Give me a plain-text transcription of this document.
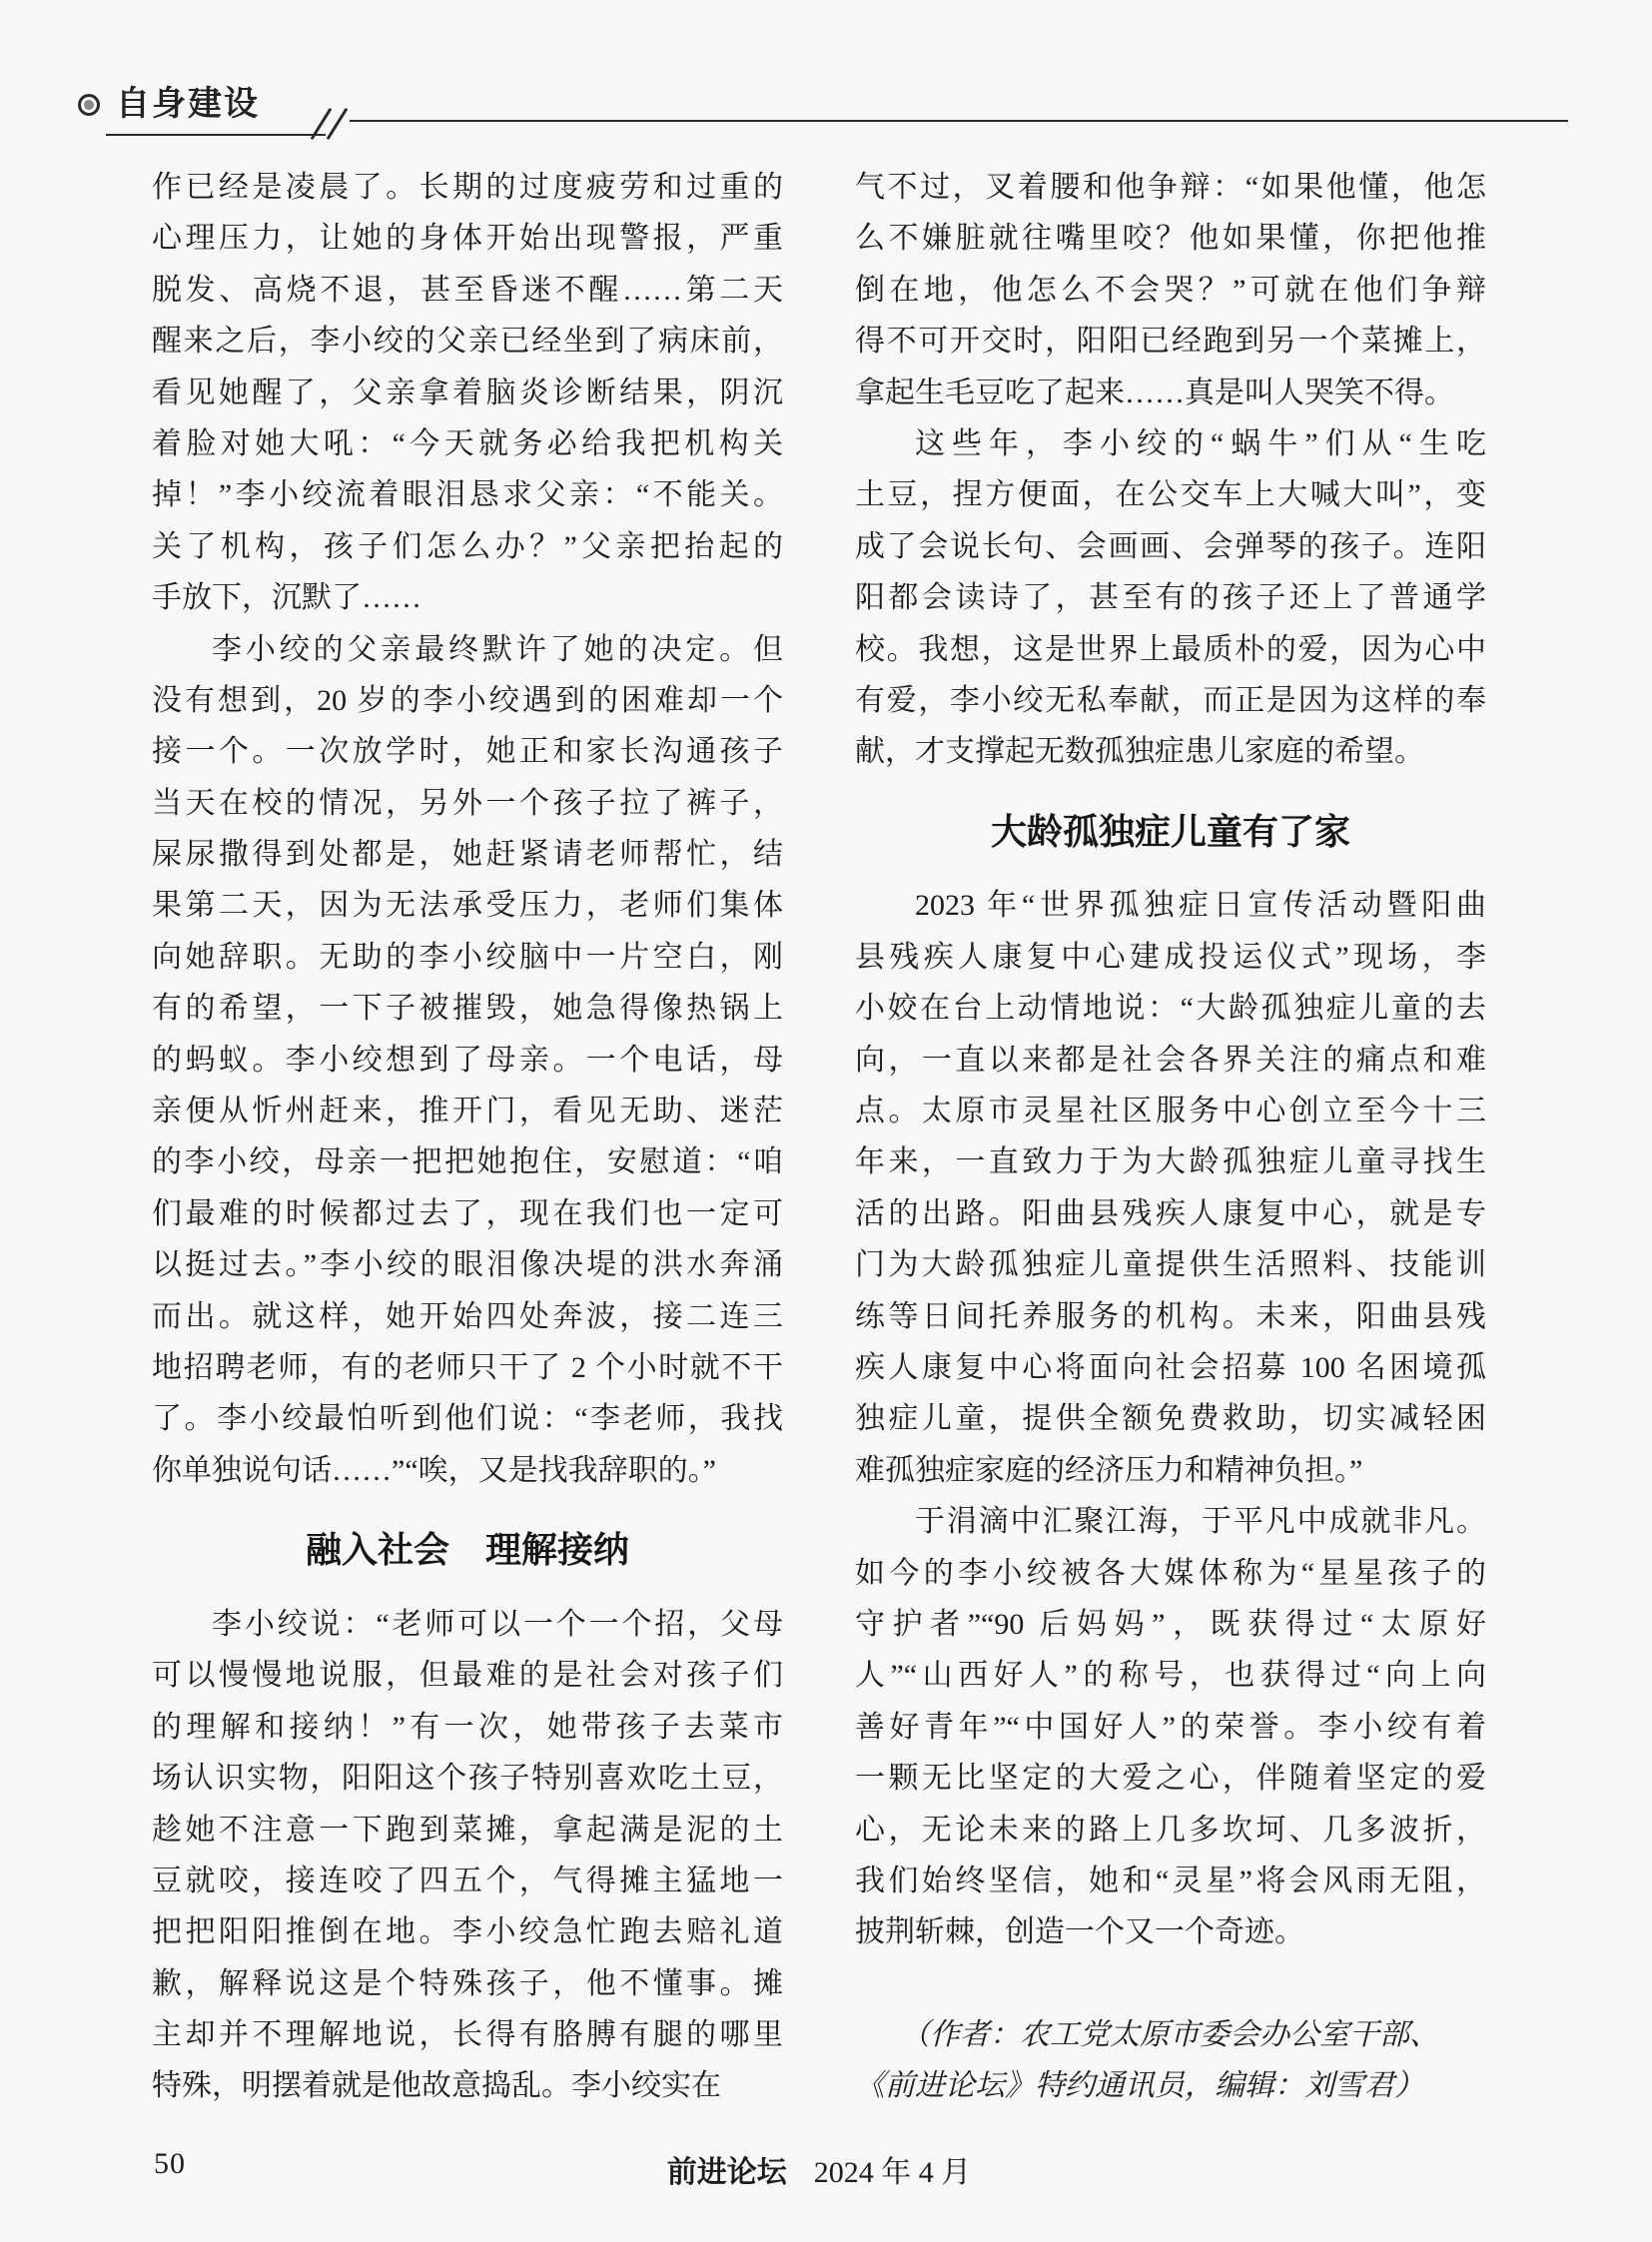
自身建设
作已经是凌晨了。长期的过度疲劳和过重的
心理压力，让她的身体开始出现警报，严重
脱发、高烧不退，甚至昏迷不醒……第二天
醒来之后，李小绞的父亲已经坐到了病床前，
看见她醒了，父亲拿着脑炎诊断结果，阴沉
着脸对她大吼：“今天就务必给我把机构关
掉！”李小绞流着眼泪恳求父亲：“不能关。
关了机构，孩子们怎么办？”父亲把抬起的
手放下，沉默了……
李小绞的父亲最终默许了她的决定。但
没有想到，20 岁的李小绞遇到的困难却一个
接一个。一次放学时，她正和家长沟通孩子
当天在校的情况，另外一个孩子拉了裤子，
屎尿撒得到处都是，她赶紧请老师帮忙，结
果第二天，因为无法承受压力，老师们集体
向她辞职。无助的李小绞脑中一片空白，刚
有的希望，一下子被摧毁，她急得像热锅上
的蚂蚁。李小绞想到了母亲。一个电话，母
亲便从忻州赶来，推开门，看见无助、迷茫
的李小绞，母亲一把把她抱住，安慰道：“咱
们最难的时候都过去了，现在我们也一定可
以挺过去。”李小绞的眼泪像决堤的洪水奔涌
而出。就这样，她开始四处奔波，接二连三
地招聘老师，有的老师只干了 2 个小时就不干
了。李小绞最怕听到他们说：“李老师，我找
你单独说句话……”“唉，又是找我辞职的。”
融入社会　理解接纳
李小绞说：“老师可以一个一个招，父母
可以慢慢地说服，但最难的是社会对孩子们
的理解和接纳！”有一次，她带孩子去菜市
场认识实物，阳阳这个孩子特别喜欢吃土豆，
趁她不注意一下跑到菜摊，拿起满是泥的土
豆就咬，接连咬了四五个，气得摊主猛地一
把把阳阳推倒在地。李小绞急忙跑去赔礼道
歉，解释说这是个特殊孩子，他不懂事。摊
主却并不理解地说，长得有胳膊有腿的哪里
特殊，明摆着就是他故意捣乱。李小绞实在
气不过，叉着腰和他争辩：“如果他懂，他怎
么不嫌脏就往嘴里咬？他如果懂，你把他推
倒在地，他怎么不会哭？”可就在他们争辩
得不可开交时，阳阳已经跑到另一个菜摊上，
拿起生毛豆吃了起来……真是叫人哭笑不得。
这些年，李小绞的“蜗牛”们从“生吃
土豆，捏方便面，在公交车上大喊大叫”，变
成了会说长句、会画画、会弹琴的孩子。连阳
阳都会读诗了，甚至有的孩子还上了普通学
校。我想，这是世界上最质朴的爱，因为心中
有爱，李小绞无私奉献，而正是因为这样的奉
献，才支撑起无数孤独症患儿家庭的希望。
大龄孤独症儿童有了家
2023 年“世界孤独症日宣传活动暨阳曲
县残疾人康复中心建成投运仪式”现场，李
小姣在台上动情地说：“大龄孤独症儿童的去
向，一直以来都是社会各界关注的痛点和难
点。太原市灵星社区服务中心创立至今十三
年来，一直致力于为大龄孤独症儿童寻找生
活的出路。阳曲县残疾人康复中心，就是专
门为大龄孤独症儿童提供生活照料、技能训
练等日间托养服务的机构。未来，阳曲县残
疾人康复中心将面向社会招募 100 名困境孤
独症儿童，提供全额免费救助，切实减轻困
难孤独症家庭的经济压力和精神负担。”
于涓滴中汇聚江海，于平凡中成就非凡。
如今的李小绞被各大媒体称为“星星孩子的
守护者”“90 后妈妈”，既获得过“太原好
人”“山西好人”的称号，也获得过“向上向
善好青年”“中国好人”的荣誉。李小绞有着
一颗无比坚定的大爱之心，伴随着坚定的爱
心，无论未来的路上几多坎坷、几多波折，
我们始终坚信，她和“灵星”将会风雨无阻，
披荆斩棘，创造一个又一个奇迹。
（作者：农工党太原市委会办公室干部、
《前进论坛》特约通讯员，编辑：刘雪君）
50	前进论坛 2024 年 4 月
